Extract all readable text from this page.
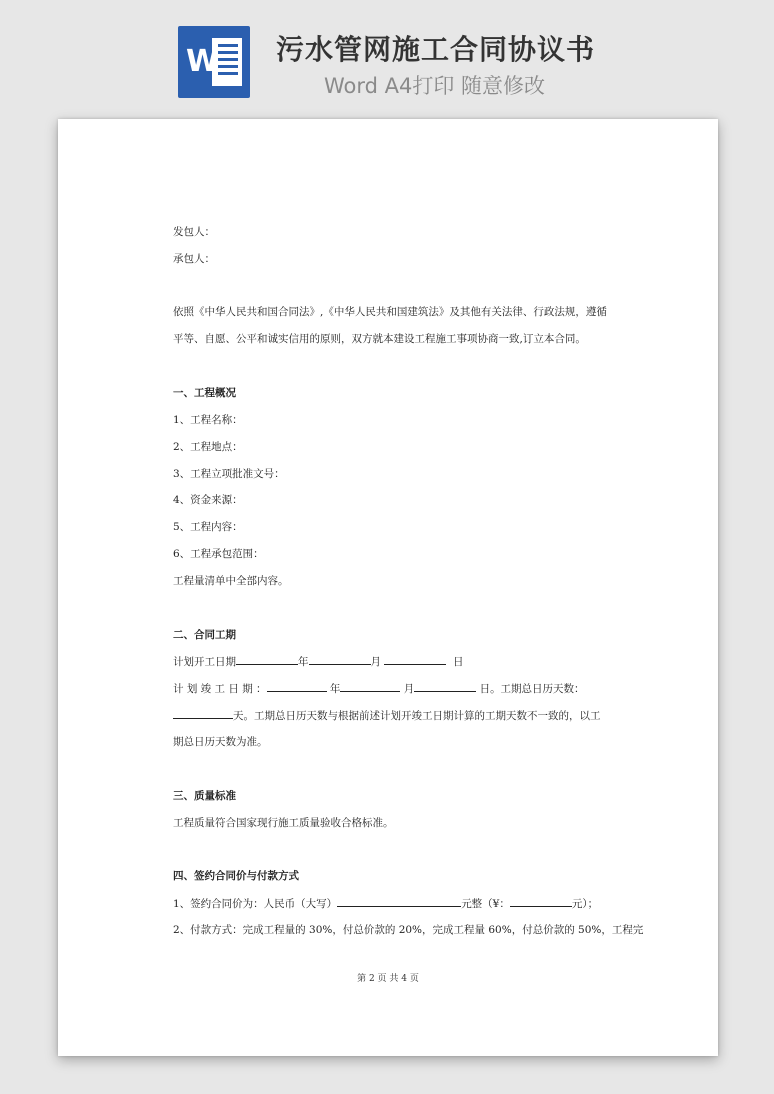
W 污水管网施工合同协议书
Word A4打印 随意修改

发包人：
承包人：
依照《中华人民共和国合同法》,《中华人民共和国建筑法》及其他有关法律、行政法规，遵循
平等、自愿、公平和诚实信用的原则，双方就本建设工程施工事项协商一致,订立本合同。
一、工程概况
1、工程名称：
2、工程地点：
3、工程立项批准文号：
4、资金来源：
5、工程内容：
6、工程承包范围：
工程量清单中全部内容。
二、合同工期
计划开工日期	年	月	日
计 划 竣 工 日 期 ：	年	月	日。工期总日历天数：
天。工期总日历天数与根据前述计划开竣工日期计算的工期天数不一致的，以工
期总日历天数为准。
三、质量标准
工程质量符合国家现行施工质量验收合格标准。
四、签约合同价与付款方式
1、签约合同价为：人民币（大写）	元整（¥：	元）；
2、付款方式：完成工程量的 30%，付总价款的 20%，完成工程量 60%，付总价款的 50%，工程完
第 2 页 共 4 页
